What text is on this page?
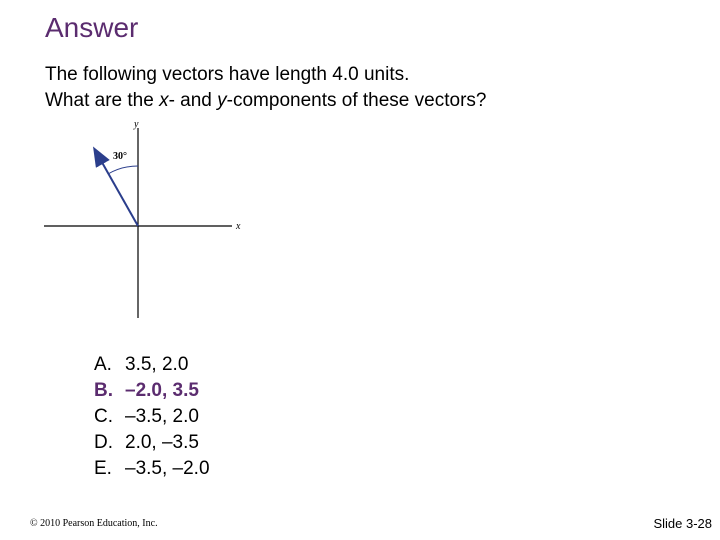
Answer
The following vectors have length 4.0 units.
What are the x- and y-components of these vectors?
y
x
30°
A. 3.5, 2.0
B. –2.0, 3.5
C. –3.5, 2.0
D. 2.0, –3.5
E. –3.5, –2.0
© 2010 Pearson Education, Inc.	Slide 3-28
